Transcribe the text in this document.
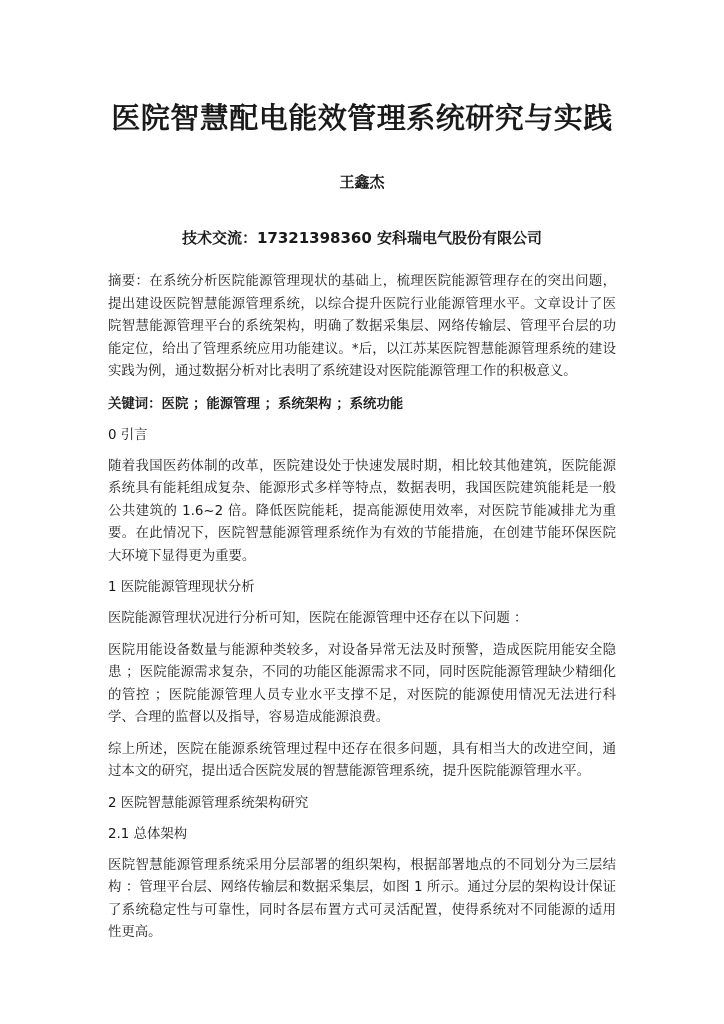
医院智慧配电能效管理系统研究与实践
王鑫杰
技术交流：17321398360 安科瑞电气股份有限公司

摘要：在系统分析医院能源管理现状的基础上，梳理医院能源管理存在的突出问题，提出建设医院智慧能源管理系统，以综合提升医院行业能源管理水平。文章设计了医院智慧能源管理平台的系统架构，明确了数据采集层、网络传输层、管理平台层的功能定位，给出了管理系统应用功能建议。*后，以江苏某医院智慧能源管理系统的建设实践为例，通过数据分析对比表明了系统建设对医院能源管理工作的积极意义。

关键词：医院 ；能源管理 ；系统架构 ；系统功能

0 引言

随着我国医药体制的改革，医院建设处于快速发展时期，相比较其他建筑，医院能源系统具有能耗组成复杂、能源形式多样等特点，数据表明，我国医院建筑能耗是一般公共建筑的 1.6~2 倍。降低医院能耗，提高能源使用效率，对医院节能减排尤为重要。在此情况下，医院智慧能源管理系统作为有效的节能措施，在创建节能环保医院大环境下显得更为重要。

1 医院能源管理现状分析

医院能源管理状况进行分析可知，医院在能源管理中还存在以下问题 ：

医院用能设备数量与能源种类较多，对设备异常无法及时预警，造成医院用能安全隐患 ；医院能源需求复杂，不同的功能区能源需求不同，同时医院能源管理缺少精细化的管控 ；医院能源管理人员专业水平支撑不足，对医院的能源使用情况无法进行科学、合理的监督以及指导，容易造成能源浪费。

综上所述，医院在能源系统管理过程中还存在很多问题，具有相当大的改进空间，通过本文的研究，提出适合医院发展的智慧能源管理系统，提升医院能源管理水平。

2 医院智慧能源管理系统架构研究
2.1 总体架构

医院智慧能源管理系统采用分层部署的组织架构，根据部署地点的不同划分为三层结构 ：管理平台层、网络传输层和数据采集层，如图 1 所示。通过分层的架构设计保证了系统稳定性与可靠性，同时各层布置方式可灵活配置，使得系统对不同能源的适用性更高。
